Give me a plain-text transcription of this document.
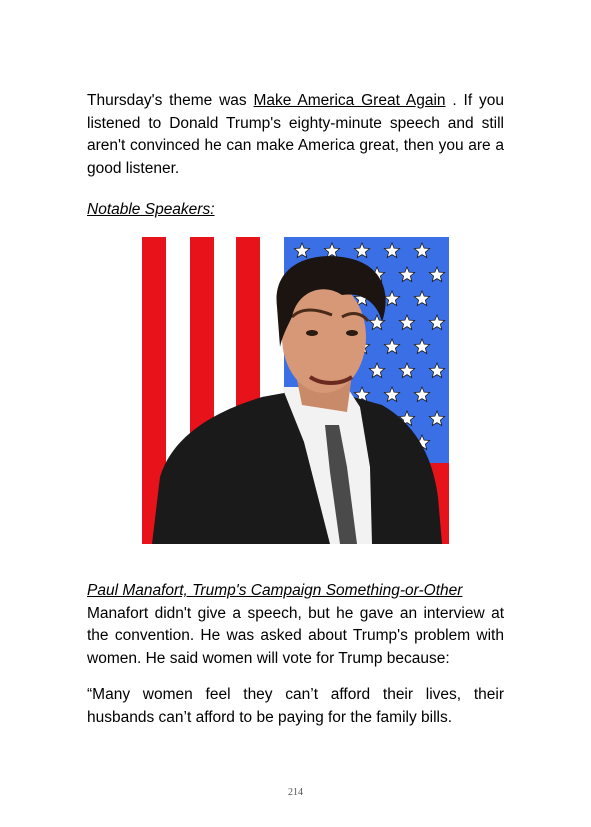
Thursday's theme was Make America Great Again . If you listened to Donald Trump's eighty-minute speech and still aren't convinced he can make America great, then you are a good listener.
Notable Speakers:
Paul Manafort, Trump's Campaign Something-or-Other
Manafort didn't give a speech, but he gave an interview at the convention. He was asked about Trump's problem with women. He said women will vote for Trump because:
“Many women feel they can’t afford their lives, their husbands can’t afford to be paying for the family bills.
214
